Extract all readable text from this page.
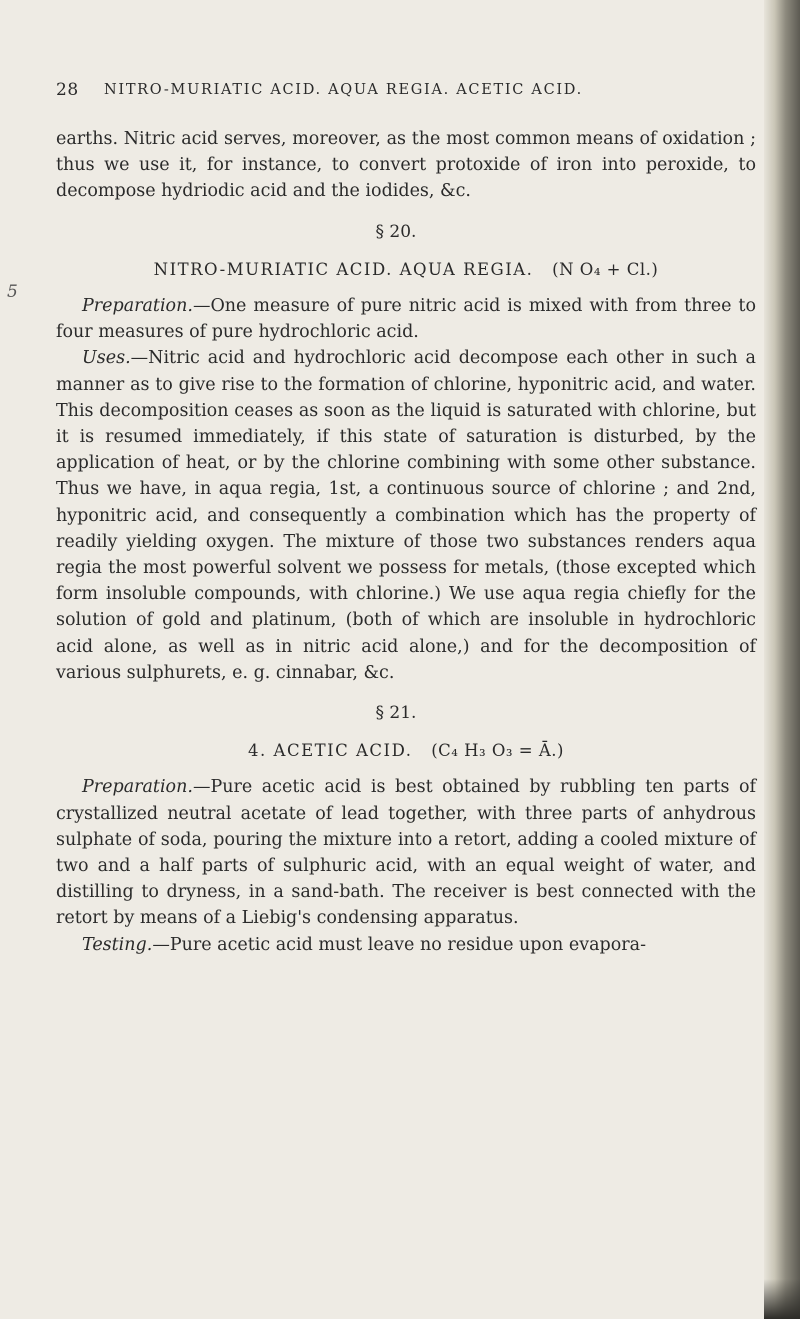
28 NITRO-MURIATIC ACID. AQUA REGIA. ACETIC ACID.
5

earths. Nitric acid serves, moreover, as the most common means of oxidation ; thus we use it, for instance, to convert protoxide of iron into peroxide, to decompose hydriodic acid and the iodides, &c.

§ 20.
NITRO-MURIATIC ACID. AQUA REGIA. (N O₄ + Cl.)

Preparation.—One measure of pure nitric acid is mixed with from three to four measures of pure hydrochloric acid.

Uses.—Nitric acid and hydrochloric acid decompose each other in such a manner as to give rise to the formation of chlorine, hyponitric acid, and water. This decomposition ceases as soon as the liquid is saturated with chlorine, but it is resumed immediately, if this state of saturation is disturbed, by the application of heat, or by the chlorine combining with some other substance. Thus we have, in aqua regia, 1st, a continuous source of chlorine ; and 2nd, hyponitric acid, and consequently a combination which has the property of readily yielding oxygen. The mixture of those two substances renders aqua regia the most powerful solvent we possess for metals, (those excepted which form insoluble compounds, with chlorine.) We use aqua regia chiefly for the solution of gold and platinum, (both of which are insoluble in hydrochloric acid alone, as well as in nitric acid alone,) and for the decomposition of various sulphurets, e. g. cinnabar, &c.

§ 21.
4. ACETIC ACID. (C₄ H₃ O₃ = Ā.)

Preparation.—Pure acetic acid is best obtained by rubbling ten parts of crystallized neutral acetate of lead together, with three parts of anhydrous sulphate of soda, pouring the mixture into a retort, adding a cooled mixture of two and a half parts of sulphuric acid, with an equal weight of water, and distilling to dryness, in a sand-bath. The receiver is best connected with the retort by means of a Liebig's condensing apparatus.

Testing.—Pure acetic acid must leave no residue upon evapora-
